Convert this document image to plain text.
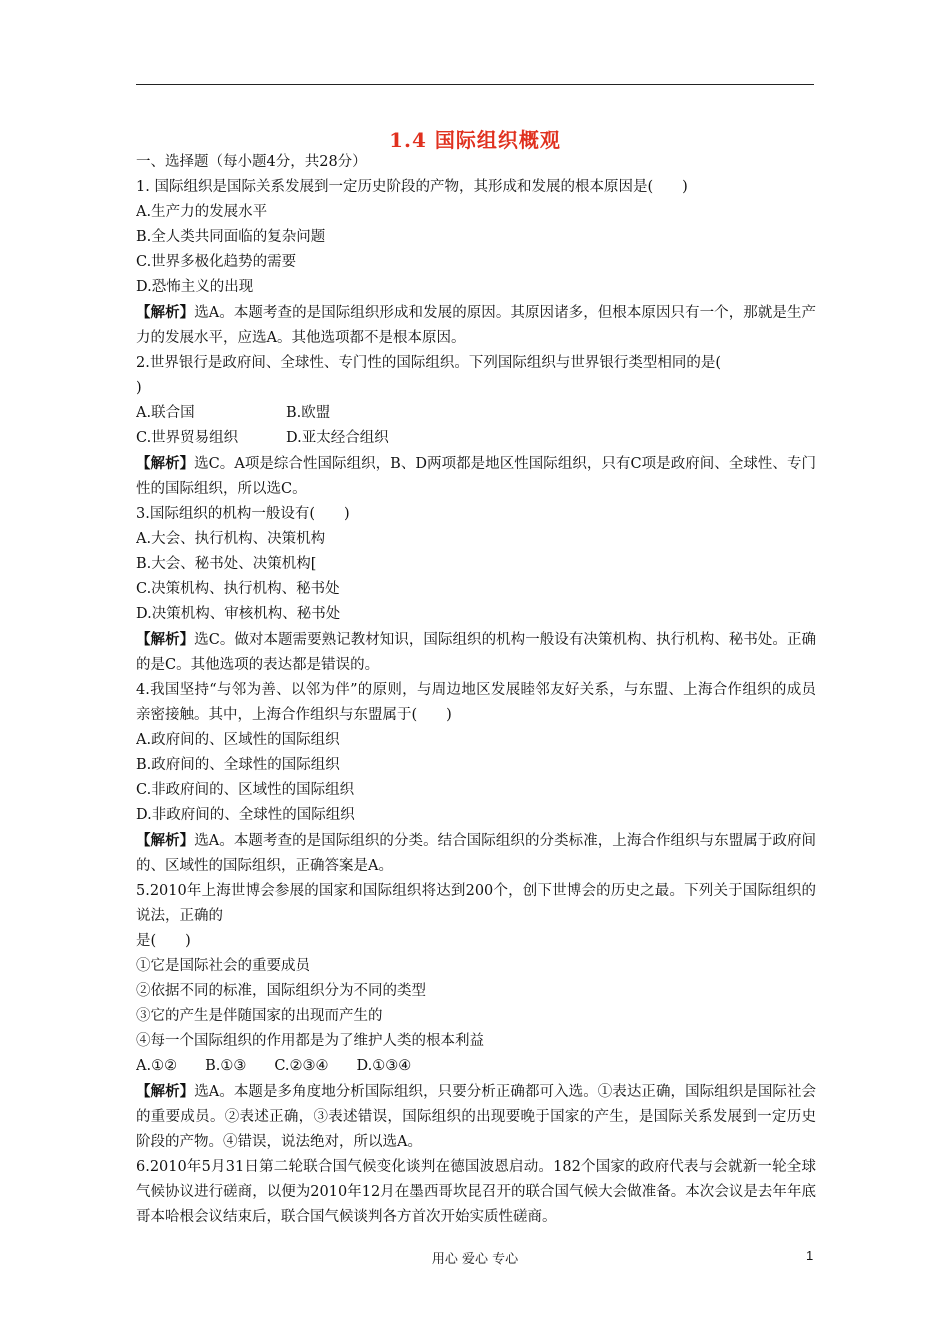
1.4 国际组织概观
一、选择题（每小题4分，共28分）
1. 国际组织是国际关系发展到一定历史阶段的产物，其形成和发展的根本原因是(　　)
A.生产力的发展水平
B.全人类共同面临的复杂问题
C.世界多极化趋势的需要
D.恐怖主义的出现
【解析】选A。本题考查的是国际组织形成和发展的原因。其原因诸多，但根本原因只有一个，那就是生产力的发展水平，应选A。其他选项都不是根本原因。
2.世界银行是政府间、全球性、专门性的国际组织。下列国际组织与世界银行类型相同的是(
)
A.联合国	B.欧盟
C.世界贸易组织	D.亚太经合组织
【解析】选C。A项是综合性国际组织，B、D两项都是地区性国际组织，只有C项是政府间、全球性、专门性的国际组织，所以选C。
3.国际组织的机构一般设有(　　)
A.大会、执行机构、决策机构
B.大会、秘书处、决策机构[
C.决策机构、执行机构、秘书处
D.决策机构、审核机构、秘书处
【解析】选C。做对本题需要熟记教材知识，国际组织的机构一般设有决策机构、执行机构、秘书处。正确的是C。其他选项的表达都是错误的。
4.我国坚持“与邻为善、以邻为伴”的原则，与周边地区发展睦邻友好关系，与东盟、上海合作组织的成员亲密接触。其中，上海合作组织与东盟属于(　　)
A.政府间的、区域性的国际组织
B.政府间的、全球性的国际组织
C.非政府间的、区域性的国际组织
D.非政府间的、全球性的国际组织
【解析】选A。本题考查的是国际组织的分类。结合国际组织的分类标准，上海合作组织与东盟属于政府间的、区域性的国际组织，正确答案是A。
5.2010年上海世博会参展的国家和国际组织将达到200个，创下世博会的历史之最。下列关于国际组织的说法，正确的
是(　　)
①它是国际社会的重要成员
②依据不同的标准，国际组织分为不同的类型
③它的产生是伴随国家的出现而产生的
④每一个国际组织的作用都是为了维护人类的根本利益
A.①② B.①③ C.②③④ D.①③④
【解析】选A。本题是多角度地分析国际组织，只要分析正确都可入选。①表达正确，国际组织是国际社会的重要成员。②表述正确，③表述错误，国际组织的出现要晚于国家的产生，是国际关系发展到一定历史阶段的产物。④错误，说法绝对，所以选A。
6.2010年5月31日第二轮联合国气候变化谈判在德国波恩启动。182个国家的政府代表与会就新一轮全球气候协议进行磋商，以便为2010年12月在墨西哥坎昆召开的联合国气候大会做准备。本次会议是去年年底哥本哈根会议结束后，联合国气候谈判各方首次开始实质性磋商。
用心 爱心 专心	1
